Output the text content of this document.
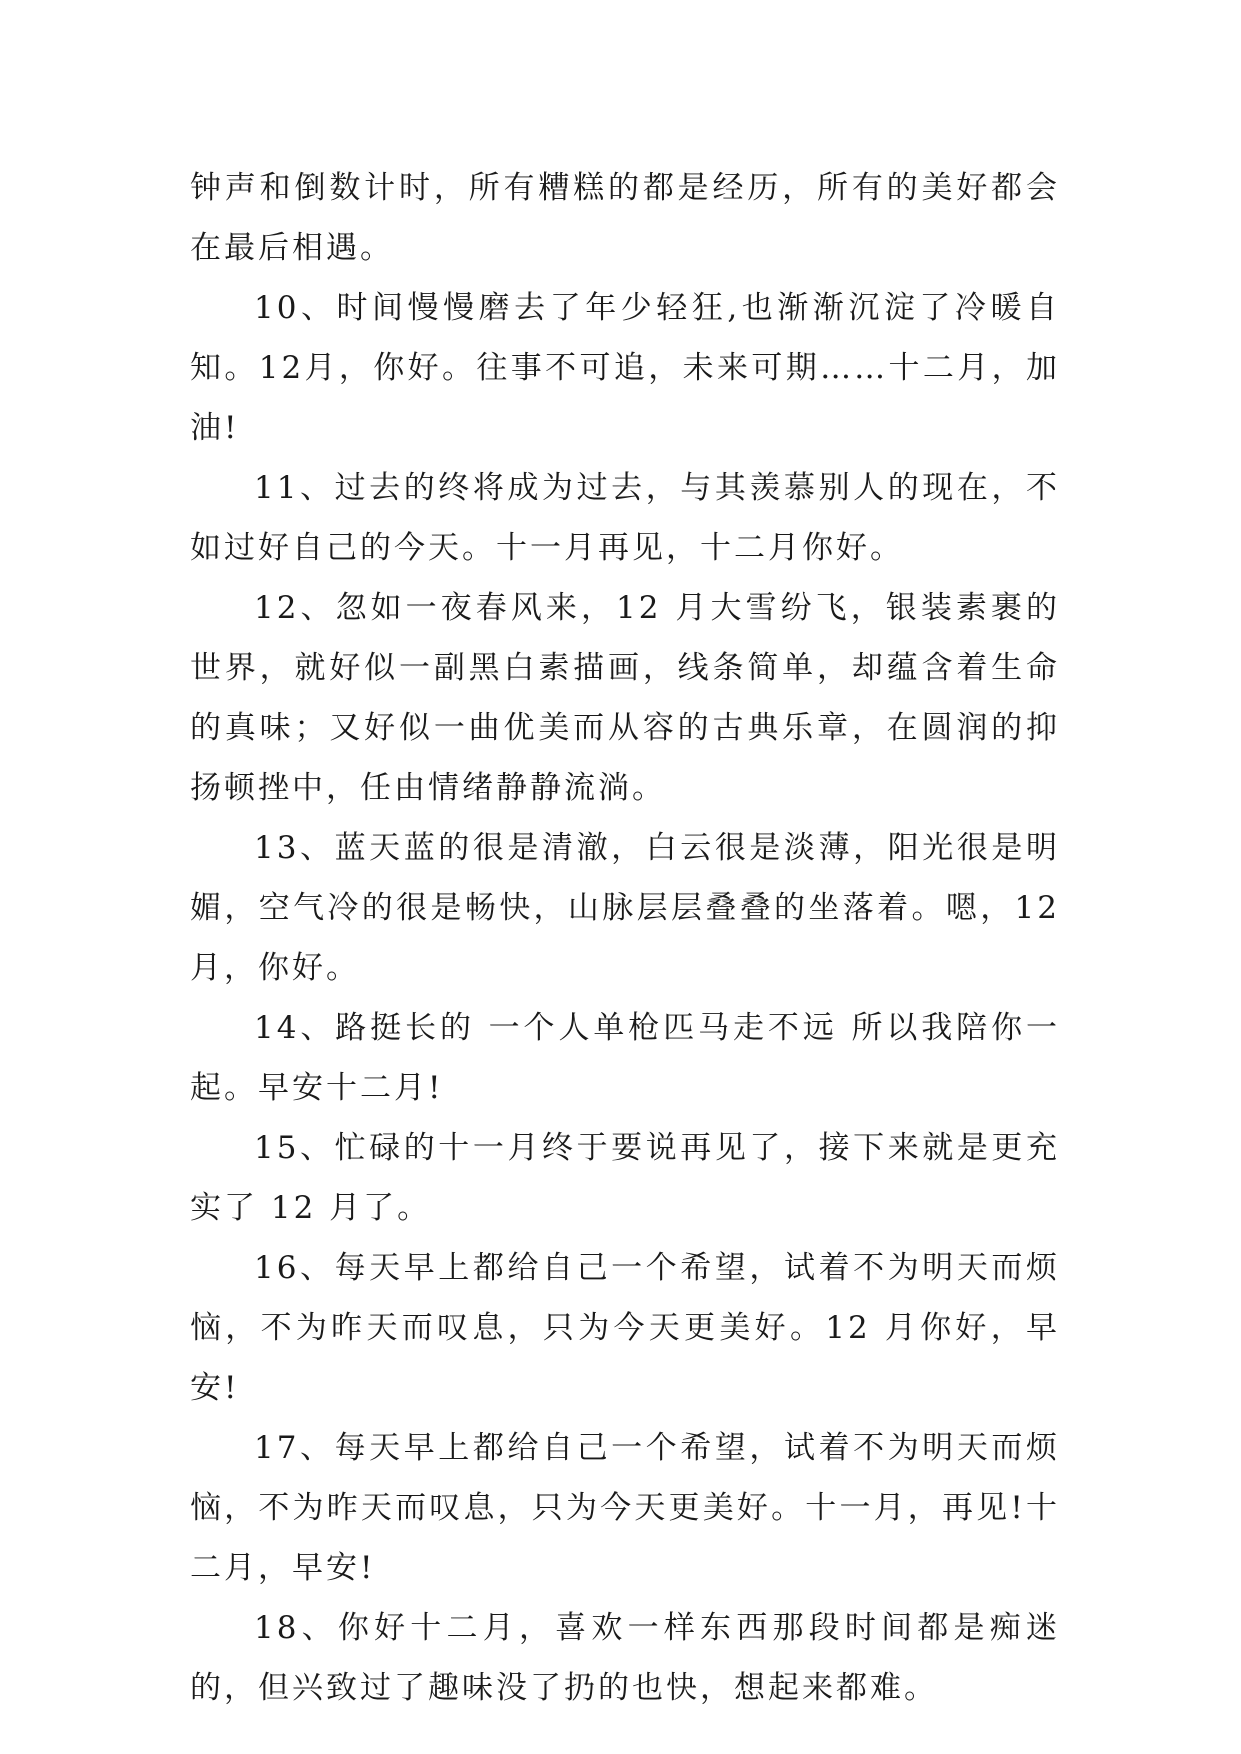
钟声和倒数计时，所有糟糕的都是经历，所有的美好都会在最后相遇。

10、时间慢慢磨去了年少轻狂,也渐渐沉淀了冷暖自知。12月，你好。往事不可追，未来可期……十二月，加油!

11、过去的终将成为过去，与其羡慕别人的现在，不如过好自己的今天。十一月再见，十二月你好。

12、忽如一夜春风来，12 月大雪纷飞，银装素裹的世界，就好似一副黑白素描画，线条简单，却蕴含着生命的真味；又好似一曲优美而从容的古典乐章，在圆润的抑扬顿挫中，任由情绪静静流淌。

13、蓝天蓝的很是清澈，白云很是淡薄，阳光很是明媚，空气冷的很是畅快，山脉层层叠叠的坐落着。嗯，12 月，你好。

14、路挺长的 一个人单枪匹马走不远 所以我陪你一起。早安十二月!

15、忙碌的十一月终于要说再见了，接下来就是更充实了 12 月了。

16、每天早上都给自己一个希望，试着不为明天而烦恼，不为昨天而叹息，只为今天更美好。12 月你好，早安!

17、每天早上都给自己一个希望，试着不为明天而烦恼，不为昨天而叹息，只为今天更美好。十一月，再见!十二月，早安!

18、你好十二月，喜欢一样东西那段时间都是痴迷的，但兴致过了趣味没了扔的也快，想起来都难。
